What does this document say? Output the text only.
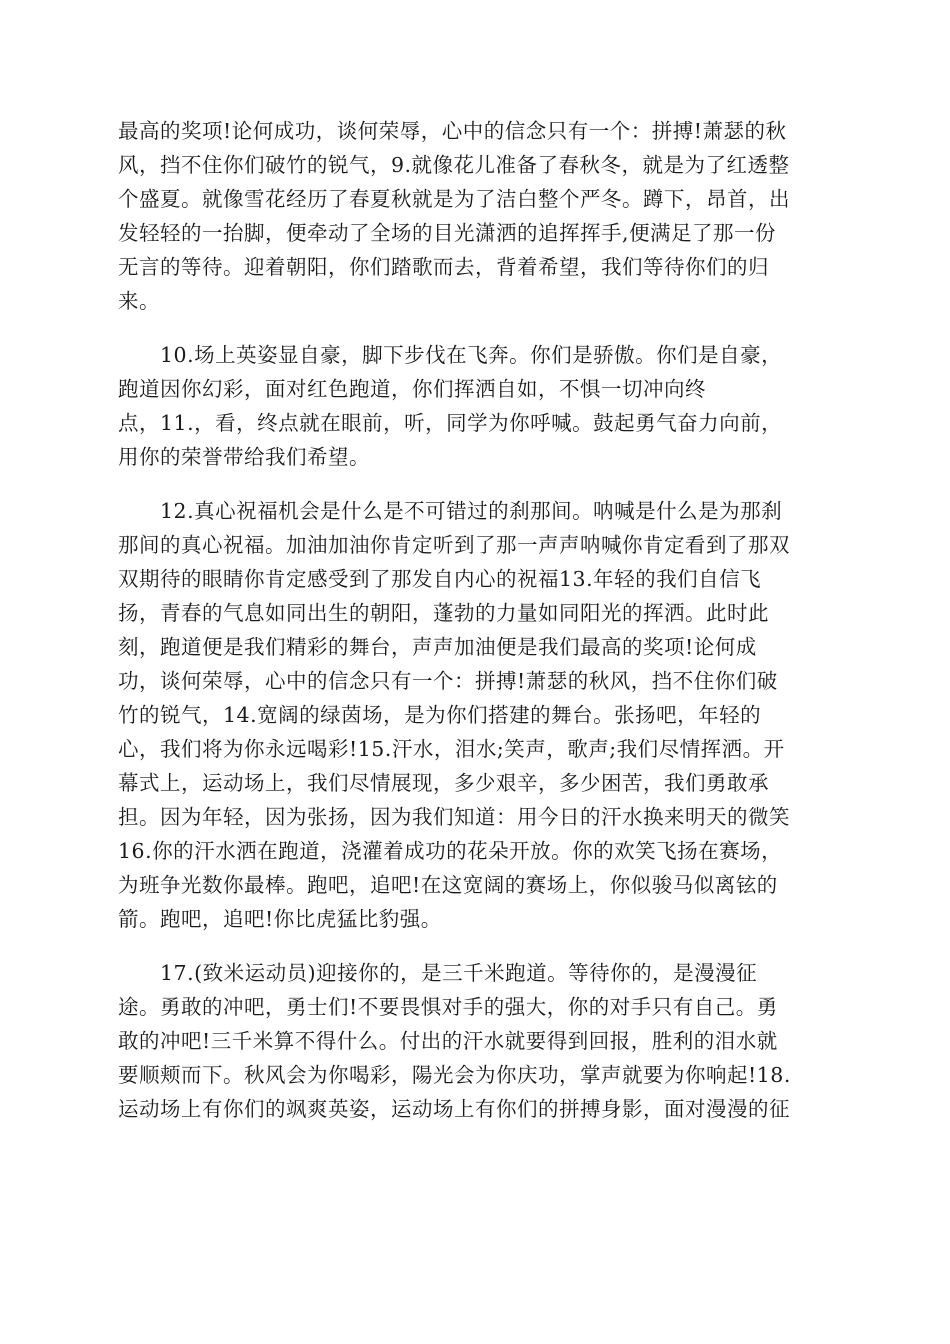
最高的奖项!论何成功，谈何荣辱，心中的信念只有一个：拼搏!萧瑟的秋
风，挡不住你们破竹的锐气，9.就像花儿准备了春秋冬，就是为了红透整
个盛夏。就像雪花经历了春夏秋就是为了洁白整个严冬。蹲下，昂首，出
发轻轻的一抬脚，便牵动了全场的目光潇洒的追挥挥手,便满足了那一份
无言的等待。迎着朝阳，你们踏歌而去，背着希望，我们等待你们的归
来。
10.场上英姿显自豪，脚下步伐在飞奔。你们是骄傲。你们是自豪，
跑道因你幻彩，面对红色跑道，你们挥洒自如，不惧一切冲向终
点，11.，看，终点就在眼前，听，同学为你呼喊。鼓起勇气奋力向前，
用你的荣誉带给我们希望。
12.真心祝福机会是什么是不可错过的刹那间。呐喊是什么是为那刹
那间的真心祝福。加油加油你肯定听到了那一声声呐喊你肯定看到了那双
双期待的眼睛你肯定感受到了那发自内心的祝福13.年轻的我们自信飞
扬，青春的气息如同出生的朝阳，蓬勃的力量如同阳光的挥洒。此时此
刻，跑道便是我们精彩的舞台，声声加油便是我们最高的奖项!论何成
功，谈何荣辱，心中的信念只有一个：拼搏!萧瑟的秋风，挡不住你们破
竹的锐气，14.宽阔的绿茵场，是为你们搭建的舞台。张扬吧，年轻的
心，我们将为你永远喝彩!15.汗水，泪水;笑声，歌声;我们尽情挥洒。开
幕式上，运动场上，我们尽情展现，多少艰辛，多少困苦，我们勇敢承
担。因为年轻，因为张扬，因为我们知道：用今日的汗水换来明天的微笑
16.你的汗水洒在跑道，浇灌着成功的花朵开放。你的欢笑飞扬在赛场，
为班争光数你最棒。跑吧，追吧!在这宽阔的赛场上，你似骏马似离铉的
箭。跑吧，追吧!你比虎猛比豹强。
17.(致米运动员)迎接你的，是三千米跑道。等待你的，是漫漫征
途。勇敢的冲吧，勇士们!不要畏惧对手的强大，你的对手只有自己。勇
敢的冲吧!三千米算不得什么。付出的汗水就要得到回报，胜利的泪水就
要顺颊而下。秋风会为你喝彩，陽光会为你庆功，掌声就要为你响起!18.
运动场上有你们的飒爽英姿，运动场上有你们的拼搏身影，面对漫漫的征
